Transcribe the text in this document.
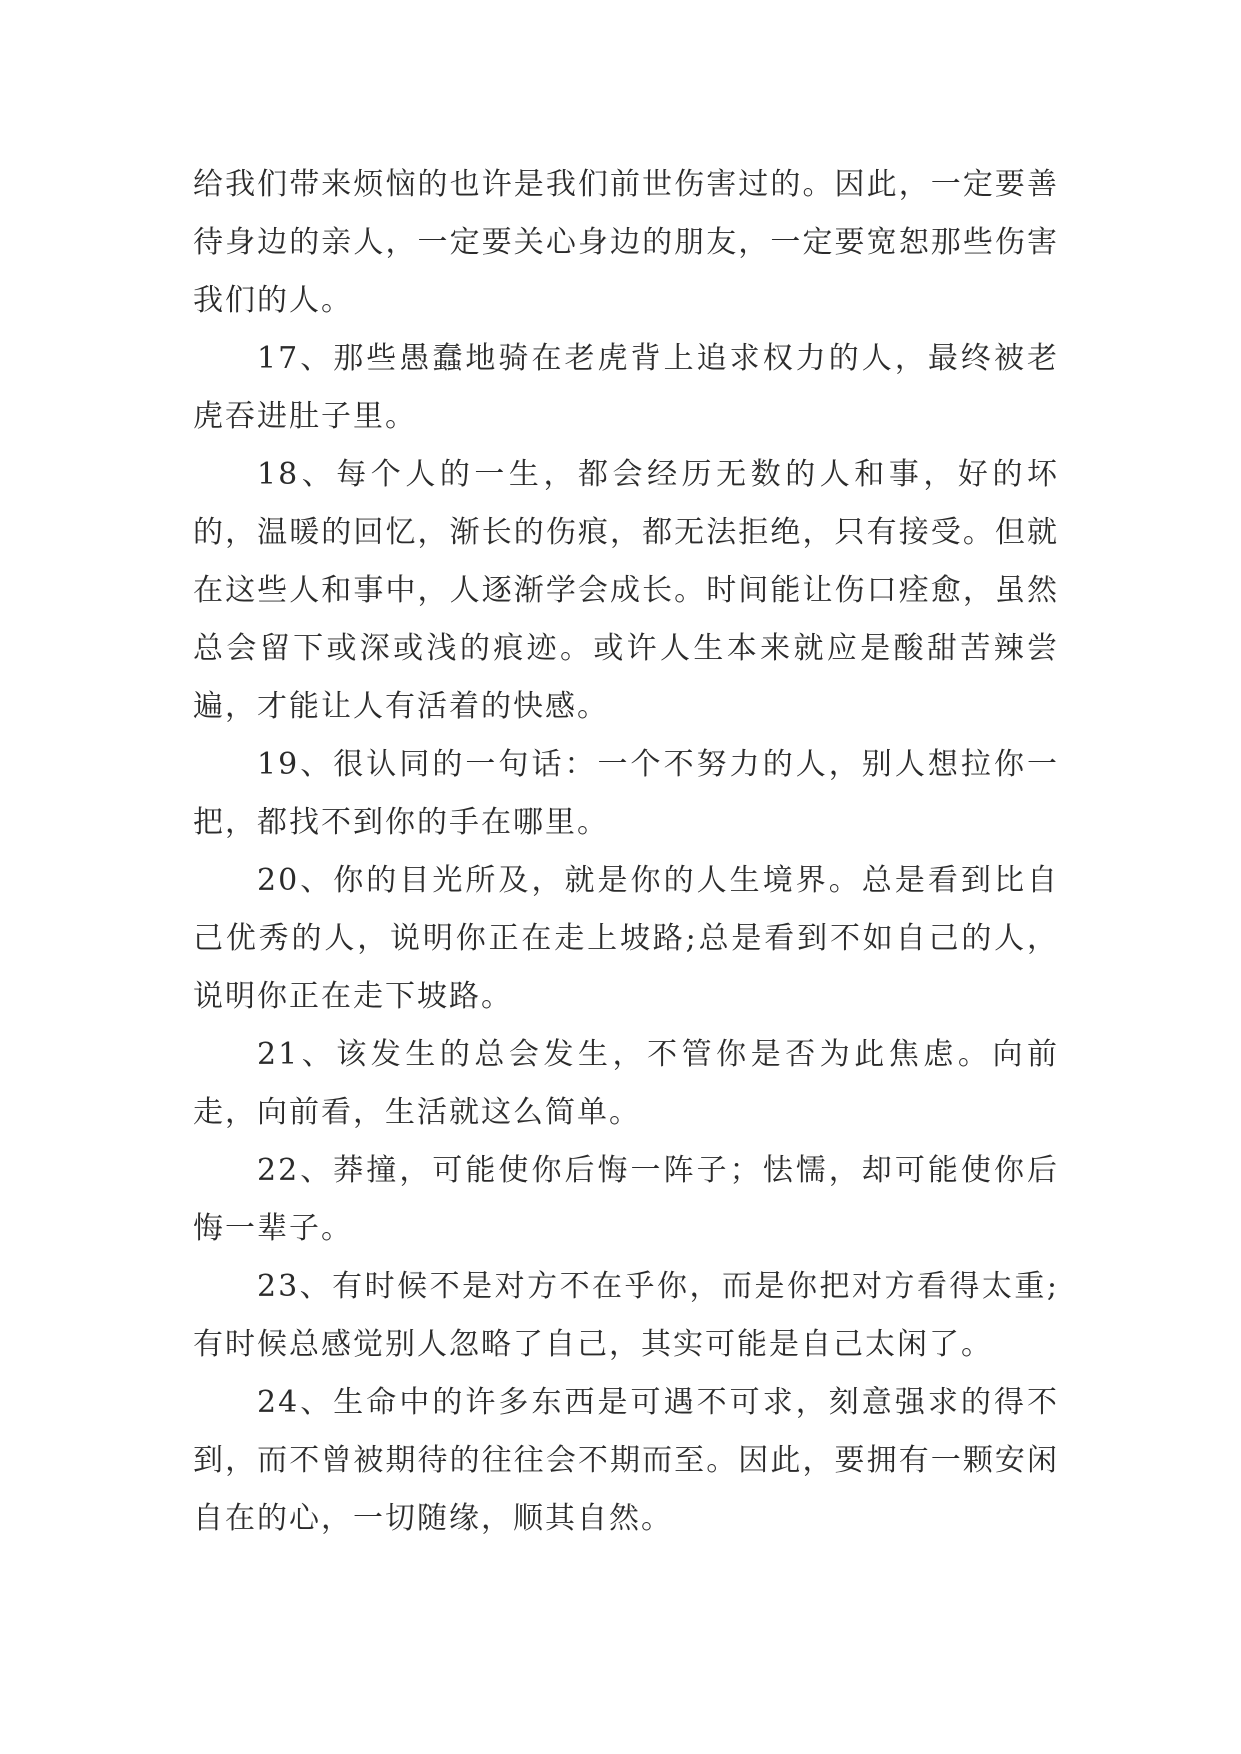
给我们带来烦恼的也许是我们前世伤害过的。因此，一定要善待身边的亲人，一定要关心身边的朋友，一定要宽恕那些伤害我们的人。

17、那些愚蠢地骑在老虎背上追求权力的人，最终被老虎吞进肚子里。

18、每个人的一生，都会经历无数的人和事，好的坏的，温暖的回忆，渐长的伤痕，都无法拒绝，只有接受。但就在这些人和事中，人逐渐学会成长。时间能让伤口痊愈，虽然总会留下或深或浅的痕迹。或许人生本来就应是酸甜苦辣尝遍，才能让人有活着的快感。

19、很认同的一句话：一个不努力的人，别人想拉你一把，都找不到你的手在哪里。

20、你的目光所及，就是你的人生境界。总是看到比自己优秀的人，说明你正在走上坡路;总是看到不如自己的人，说明你正在走下坡路。

21、该发生的总会发生，不管你是否为此焦虑。向前走，向前看，生活就这么简单。

22、莽撞，可能使你后悔一阵子；怯懦，却可能使你后悔一辈子。

23、有时候不是对方不在乎你，而是你把对方看得太重;有时候总感觉别人忽略了自己，其实可能是自己太闲了。

24、生命中的许多东西是可遇不可求，刻意强求的得不到，而不曾被期待的往往会不期而至。因此，要拥有一颗安闲自在的心，一切随缘，顺其自然。
